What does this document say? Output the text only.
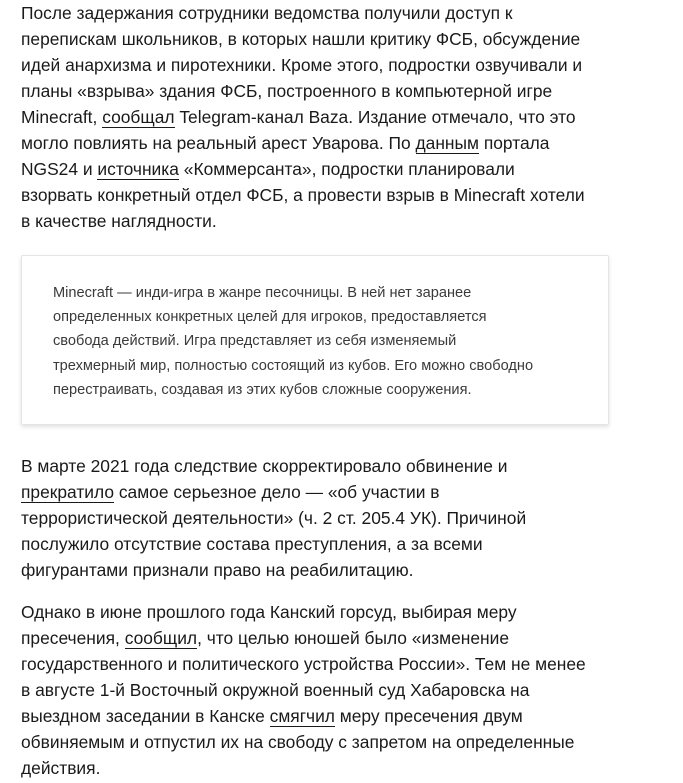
После задержания сотрудники ведомства получили доступ к
перепискам школьников, в которых нашли критику ФСБ, обсуждение
идей анархизма и пиротехники. Кроме этого, подростки озвучивали и
планы «взрыва» здания ФСБ, построенного в компьютерной игре
Minecraft, сообщал Telegram-канал Baza. Издание отмечало, что это
могло повлиять на реальный арест Уварова. По данным портала
NGS24 и источника «Коммерсанта», подростки планировали
взорвать конкретный отдел ФСБ, а провести взрыв в Minecraft хотели
в качестве наглядности.

Minecraft — инди-игра в жанре песочницы. В ней нет заранее
определенных конкретных целей для игроков, предоставляется
свобода действий. Игра представляет из себя изменяемый
трехмерный мир, полностью состоящий из кубов. Его можно свободно
перестраивать, создавая из этих кубов сложные сооружения.

В марте 2021 года следствие скорректировало обвинение и
прекратило самое серьезное дело — «об участии в
террористической деятельности» (ч. 2 ст. 205.4 УК). Причиной
послужило отсутствие состава преступления, а за всеми
фигурантами признали право на реабилитацию.

Однако в июне прошлого года Канский горсуд, выбирая меру
пресечения, сообщил, что целью юношей было «изменение
государственного и политического устройства России». Тем не менее
в августе 1-й Восточный окружной военный суд Хабаровска на
выездном заседании в Канске смягчил меру пресечения двум
обвиняемым и отпустил их на свободу с запретом на определенные
действия.
